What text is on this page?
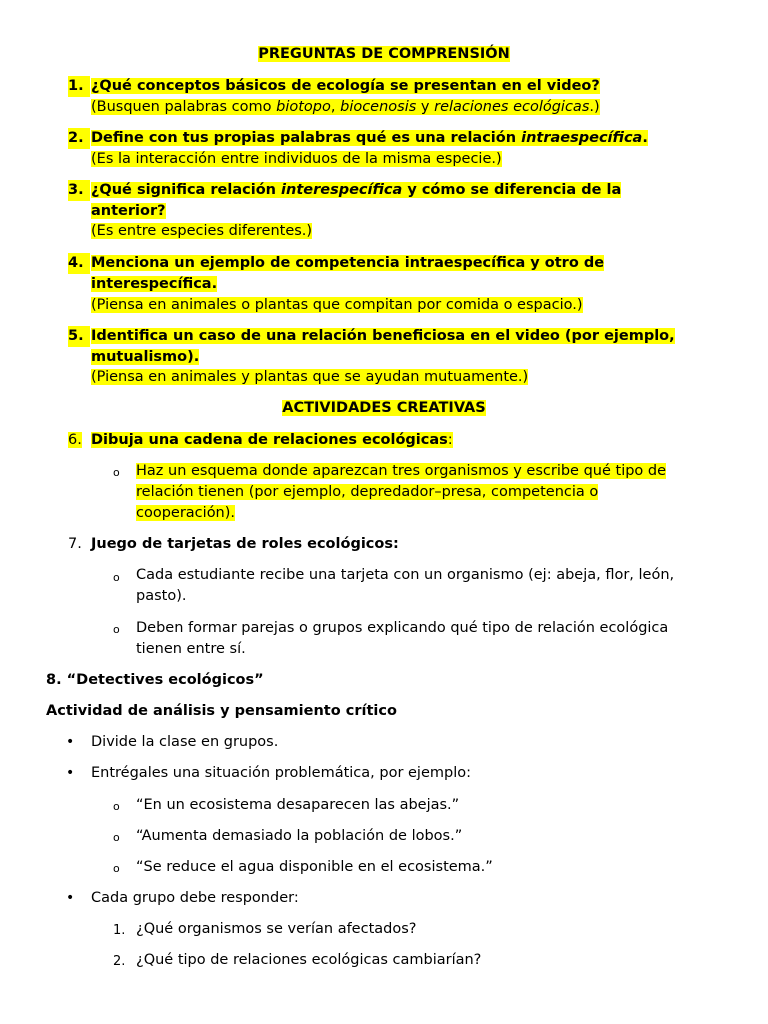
PREGUNTAS DE COMPRENSIÓN
1. ¿Qué conceptos básicos de ecología se presentan en el video?
(Busquen palabras como biotopo, biocenosis y relaciones ecológicas.)
2. Define con tus propias palabras qué es una relación intraespecífica.
(Es la interacción entre individuos de la misma especie.)
3. ¿Qué significa relación interespecífica y cómo se diferencia de la
anterior?
(Es entre especies diferentes.)
4. Menciona un ejemplo de competencia intraespecífica y otro de
interespecífica.
(Piensa en animales o plantas que compitan por comida o espacio.)
5. Identifica un caso de una relación beneficiosa en el video (por ejemplo,
mutualismo).
(Piensa en animales y plantas que se ayudan mutuamente.)
ACTIVIDADES CREATIVAS
6. Dibuja una cadena de relaciones ecológicas:
o Haz un esquema donde aparezcan tres organismos y escribe qué tipo de
relación tienen (por ejemplo, depredador–presa, competencia o
cooperación).
7. Juego de tarjetas de roles ecológicos:
o Cada estudiante recibe una tarjeta con un organismo (ej: abeja, flor, león,
pasto).
o Deben formar parejas o grupos explicando qué tipo de relación ecológica
tienen entre sí.
8. “Detectives ecológicos”
Actividad de análisis y pensamiento crítico
• Divide la clase en grupos.
• Entrégales una situación problemática, por ejemplo:
o “En un ecosistema desaparecen las abejas.”
o “Aumenta demasiado la población de lobos.”
o “Se reduce el agua disponible en el ecosistema.”
• Cada grupo debe responder:
1. ¿Qué organismos se verían afectados?
2. ¿Qué tipo de relaciones ecológicas cambiarían?
